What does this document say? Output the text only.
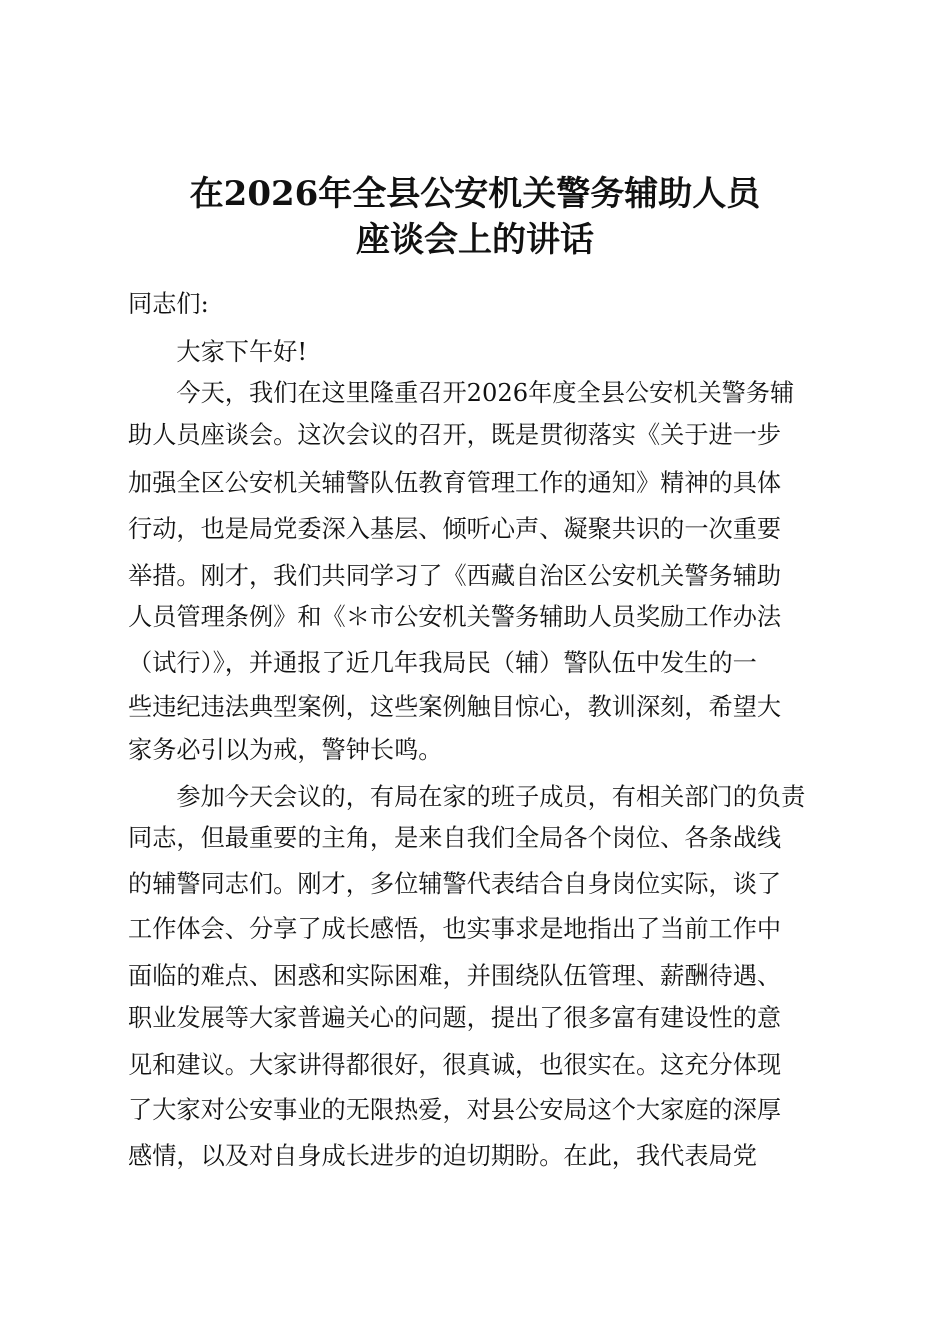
在2026年全县公安机关警务辅助人员
座谈会上的讲话
同志们:
　　大家下午好!
　　今天，我们在这里隆重召开2026年度全县公安机关警务辅
助人员座谈会。这次会议的召开，既是贯彻落实《关于进一步
加强全区公安机关辅警队伍教育管理工作的通知》精神的具体
行动，也是局党委深入基层、倾听心声、凝聚共识的一次重要
举措。刚才，我们共同学习了《西藏自治区公安机关警务辅助
人员管理条例》和《＊市公安机关警务辅助人员奖励工作办法
（试行）》，并通报了近几年我局民（辅）警队伍中发生的一
些违纪违法典型案例，这些案例触目惊心，教训深刻，希望大
家务必引以为戒，警钟长鸣。
　　参加今天会议的，有局在家的班子成员，有相关部门的负责
同志，但最重要的主角，是来自我们全局各个岗位、各条战线
的辅警同志们。刚才，多位辅警代表结合自身岗位实际，谈了
工作体会、分享了成长感悟，也实事求是地指出了当前工作中
面临的难点、困惑和实际困难，并围绕队伍管理、薪酬待遇、
职业发展等大家普遍关心的问题，提出了很多富有建设性的意
见和建议。大家讲得都很好，很真诚，也很实在。这充分体现
了大家对公安事业的无限热爱，对县公安局这个大家庭的深厚
感情，以及对自身成长进步的迫切期盼。在此，我代表局党
